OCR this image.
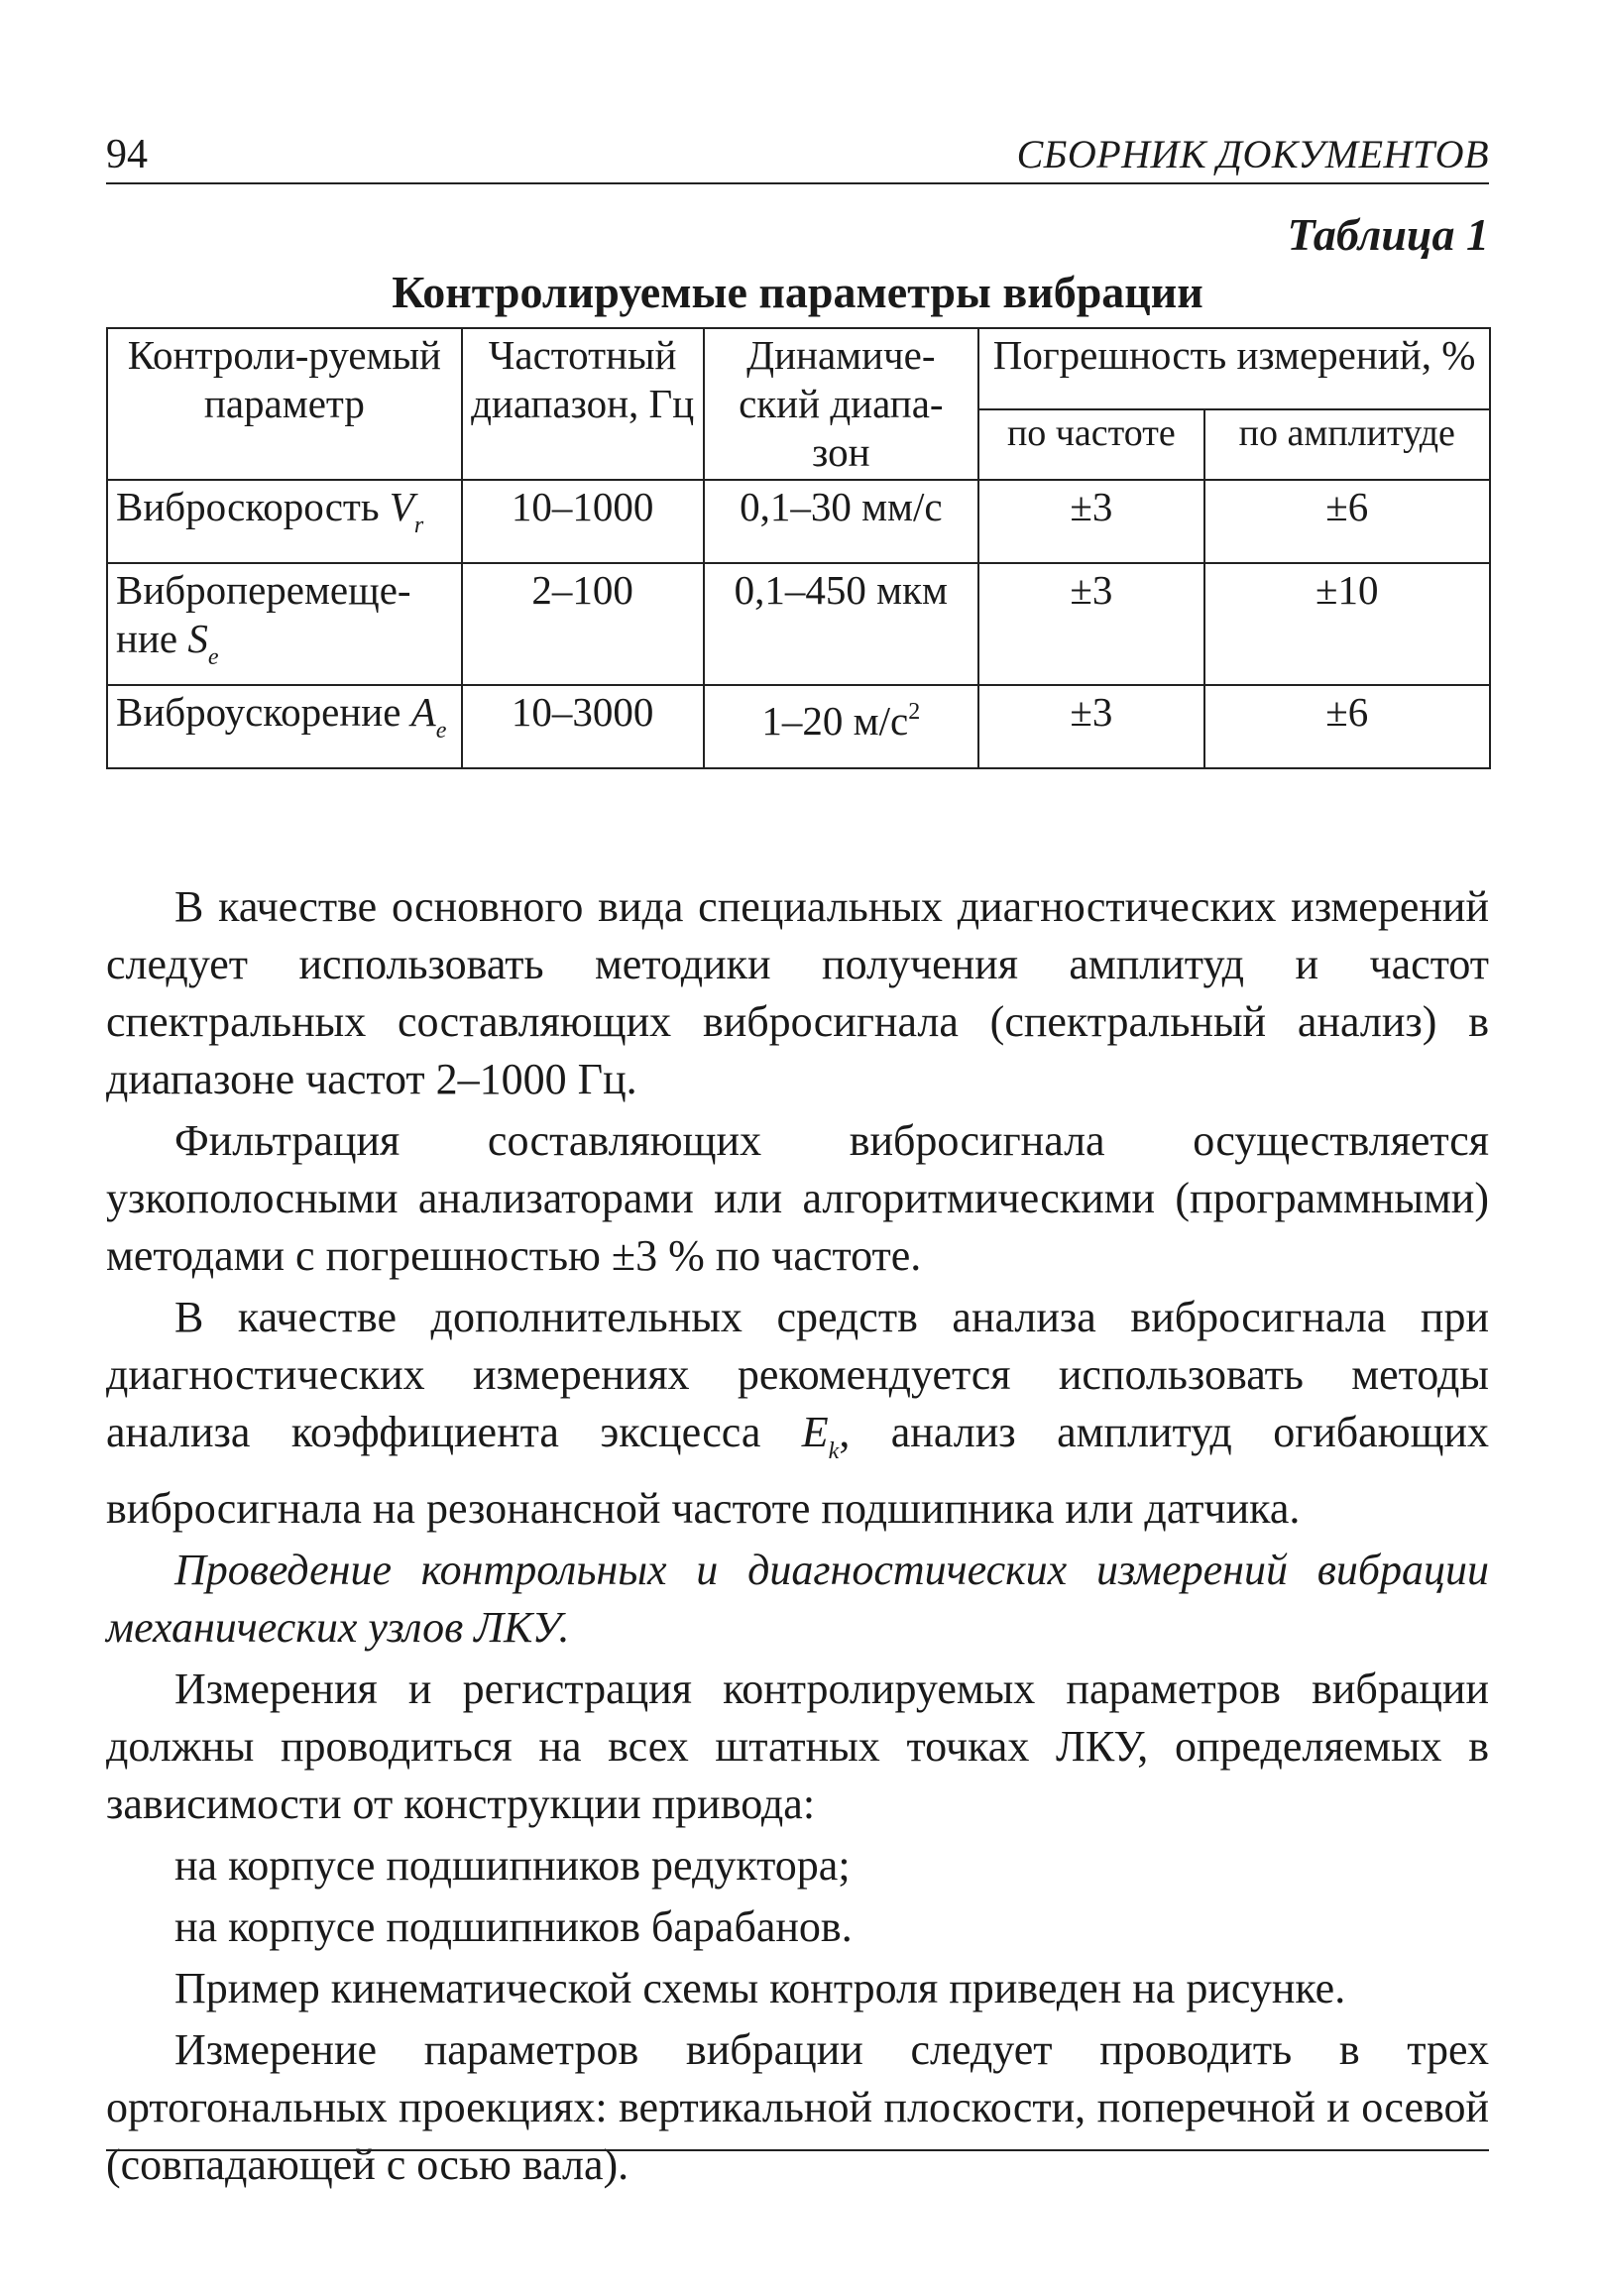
94	СБОРНИК ДОКУМЕНТОВ
Таблица 1
Контролируемые параметры вибрации
Контроли-руемый параметр	Частотный диапазон, Гц	Динамиче-ский диапа-зон	Погрешность измерений, %	
			по частоте	по амплитуде
Виброскорость $V_r$	10–1000	0,1–30 мм/с	±3	±6
Виброперемеще-ние $S_e$	2–100	0,1–450 мкм	±3	±10
Виброускорение $A_e$	10–3000	1–20 $м/с^2$	±3	±6

В качестве основного вида специальных диагностических измерений следует использовать методики получения амплитуд и частот спектральных составляющих вибросигнала (спектральный анализ) в диапазоне частот 2–1000 Гц.

Фильтрация составляющих вибросигнала осуществляется узкополосными анализаторами или алгоритмическими (программными) методами с погрешностью ±3 % по частоте.

В качестве дополнительных средств анализа вибросигнала при диагностических измерениях рекомендуется использовать методы анализа коэффициента эксцесса $E_k$, анализ амплитуд огибающих вибросигнала на резонансной частоте подшипника или датчика.

Проведение контрольных и диагностических измерений вибрации механических узлов ЛКУ.

Измерения и регистрация контролируемых параметров вибрации должны проводиться на всех штатных точках ЛКУ, определяемых в зависимости от конструкции привода:

на корпусе подшипников редуктора;

на корпусе подшипников барабанов.

Пример кинематической схемы контроля приведен на рисунке.

Измерение параметров вибрации следует проводить в трех ортогональных проекциях: вертикальной плоскости, поперечной и осевой (совпадающей с осью вала).
